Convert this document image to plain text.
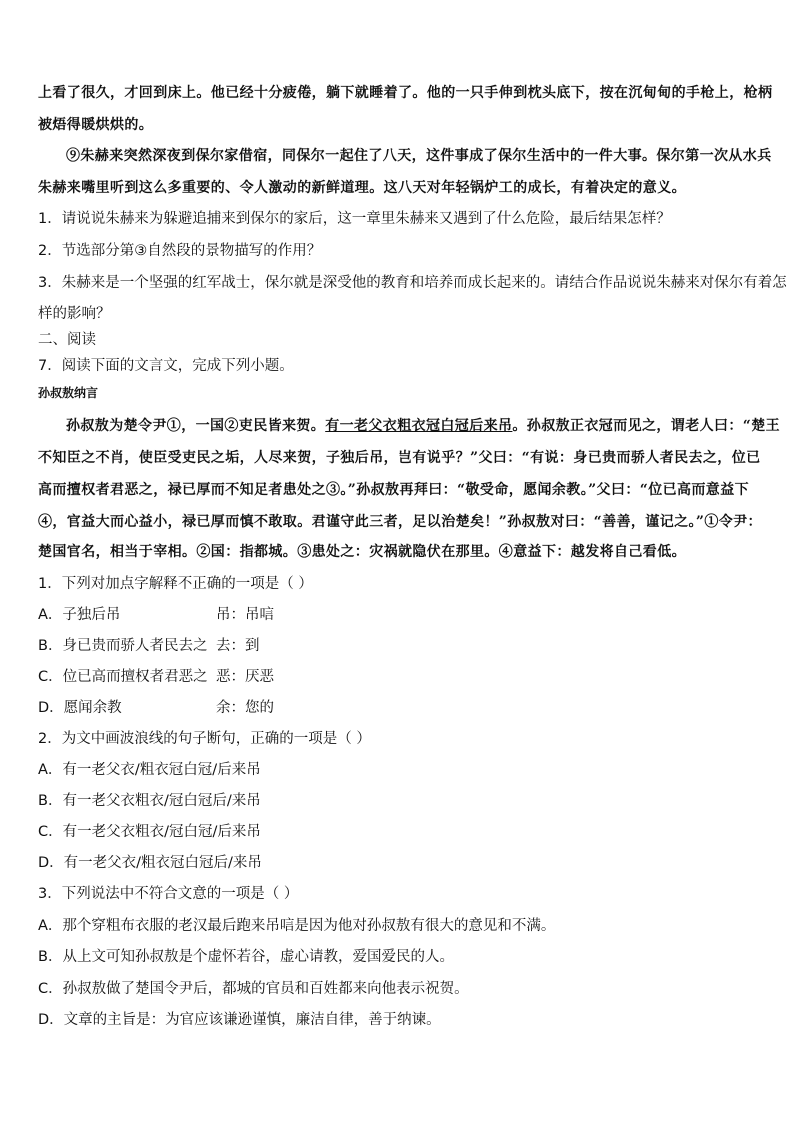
上看了很久，才回到床上。他已经十分疲倦，躺下就睡着了。他的一只手伸到枕头底下，按在沉甸甸的手枪上，枪柄
被焐得暖烘烘的。
⑨朱赫来突然深夜到保尔家借宿，同保尔一起住了八天，这件事成了保尔生活中的一件大事。保尔第一次从水兵
朱赫来嘴里听到这么多重要的、令人激动的新鲜道理。这八天对年轻锅炉工的成长，有着决定的意义。
1．请说说朱赫来为躲避追捕来到保尔的家后，这一章里朱赫来又遇到了什么危险，最后结果怎样？
2．节选部分第③自然段的景物描写的作用？
3．朱赫来是一个坚强的红军战士，保尔就是深受他的教育和培养而成长起来的。请结合作品说说朱赫来对保尔有着怎
样的影响？
二、阅读
7．阅读下面的文言文，完成下列小题。
孙叔敖纳言
孙叔敖为楚令尹①，一国②吏民皆来贺。有一老父衣粗衣冠白冠后来吊。孙叔敖正衣冠而见之，谓老人曰：“楚王
不知臣之不肖，使臣受吏民之垢，人尽来贺，子独后吊，岂有说乎？”父曰：“有说：身已贵而骄人者民去之，位已
高而擅权者君恶之，禄已厚而不知足者患处之③。”孙叔敖再拜曰：“敬受命，愿闻余教。”父曰：“位已高而意益下
④，官益大而心益小，禄已厚而慎不敢取。君谨守此三者，足以治楚矣！”孙叔敖对曰：“善善，谨记之。”①令尹：
楚国官名，相当于宰相。②国：指都城。③患处之：灾祸就隐伏在那里。④意益下：越发将自己看低。
1．下列对加点字解释不正确的一项是（ ）
A．子独后吊	吊：吊唁
B．身已贵而骄人者民去之 去：到
C．位已高而擅权者君恶之 恶：厌恶
D．愿闻余教	余：您的
2．为文中画波浪线的句子断句，正确的一项是（ ）
A．有一老父衣/粗衣冠白冠/后来吊
B．有一老父衣粗衣/冠白冠后/来吊
C．有一老父衣粗衣/冠白冠/后来吊
D．有一老父衣/粗衣冠白冠后/来吊
3．下列说法中不符合文意的一项是（ ）
A．那个穿粗布衣服的老汉最后跑来吊唁是因为他对孙叔敖有很大的意见和不满。
B．从上文可知孙叔敖是个虚怀若谷，虚心请教，爱国爱民的人。
C．孙叔敖做了楚国令尹后，都城的官员和百姓都来向他表示祝贺。
D．文章的主旨是：为官应该谦逊谨慎，廉洁自律，善于纳谏。
